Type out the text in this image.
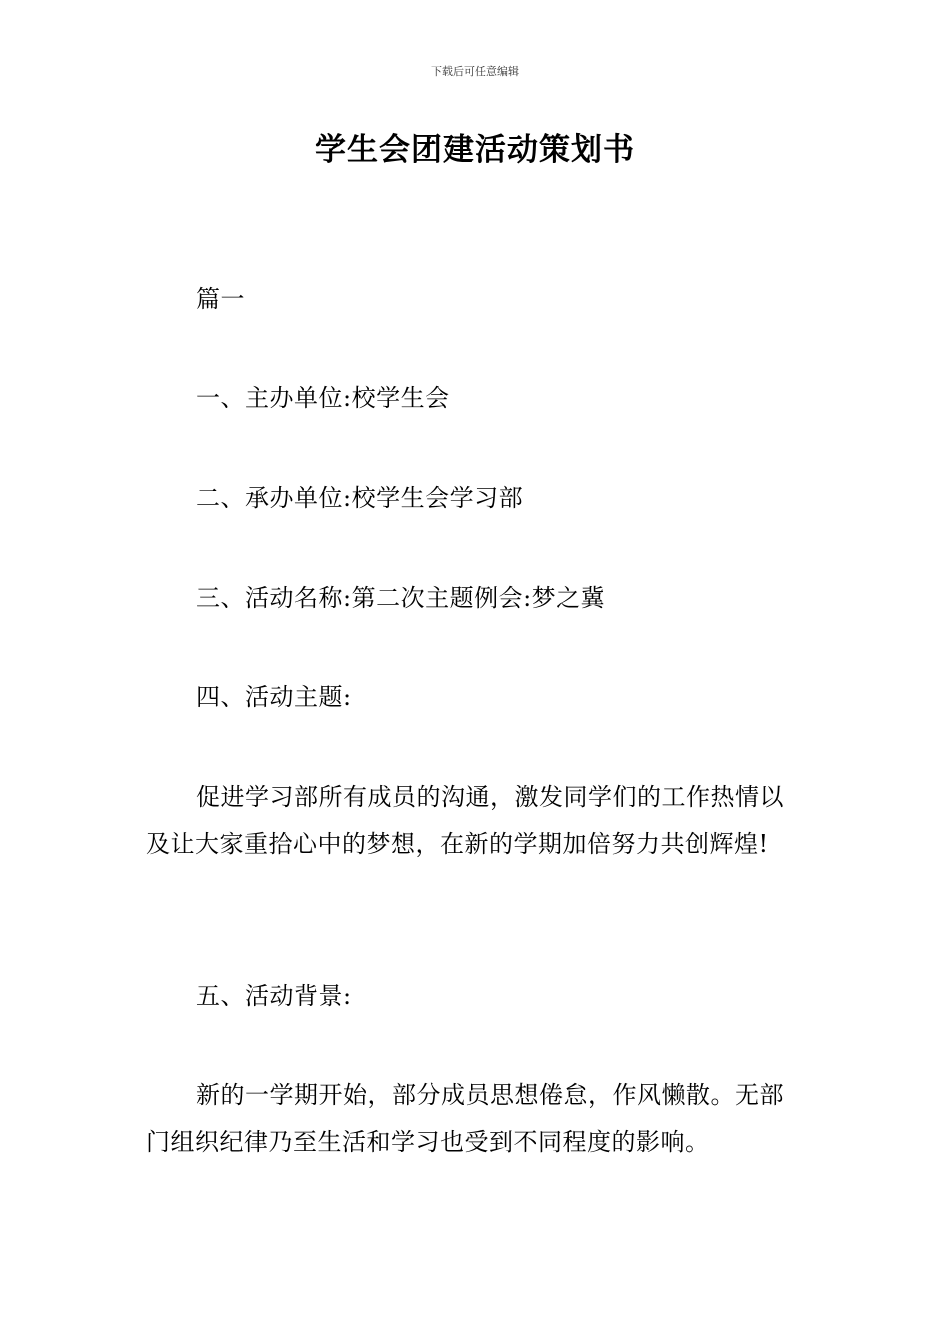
下载后可任意编辑
学生会团建活动策划书
篇一
一、主办单位:校学生会
二、承办单位:校学生会学习部
三、活动名称:第二次主题例会:梦之冀
四、活动主题:
促进学习部所有成员的沟通，激发同学们的工作热情以及让大家重拾心中的梦想，在新的学期加倍努力共创辉煌!
五、活动背景:
新的一学期开始，部分成员思想倦怠，作风懒散。无部门组织纪律乃至生活和学习也受到不同程度的影响。
